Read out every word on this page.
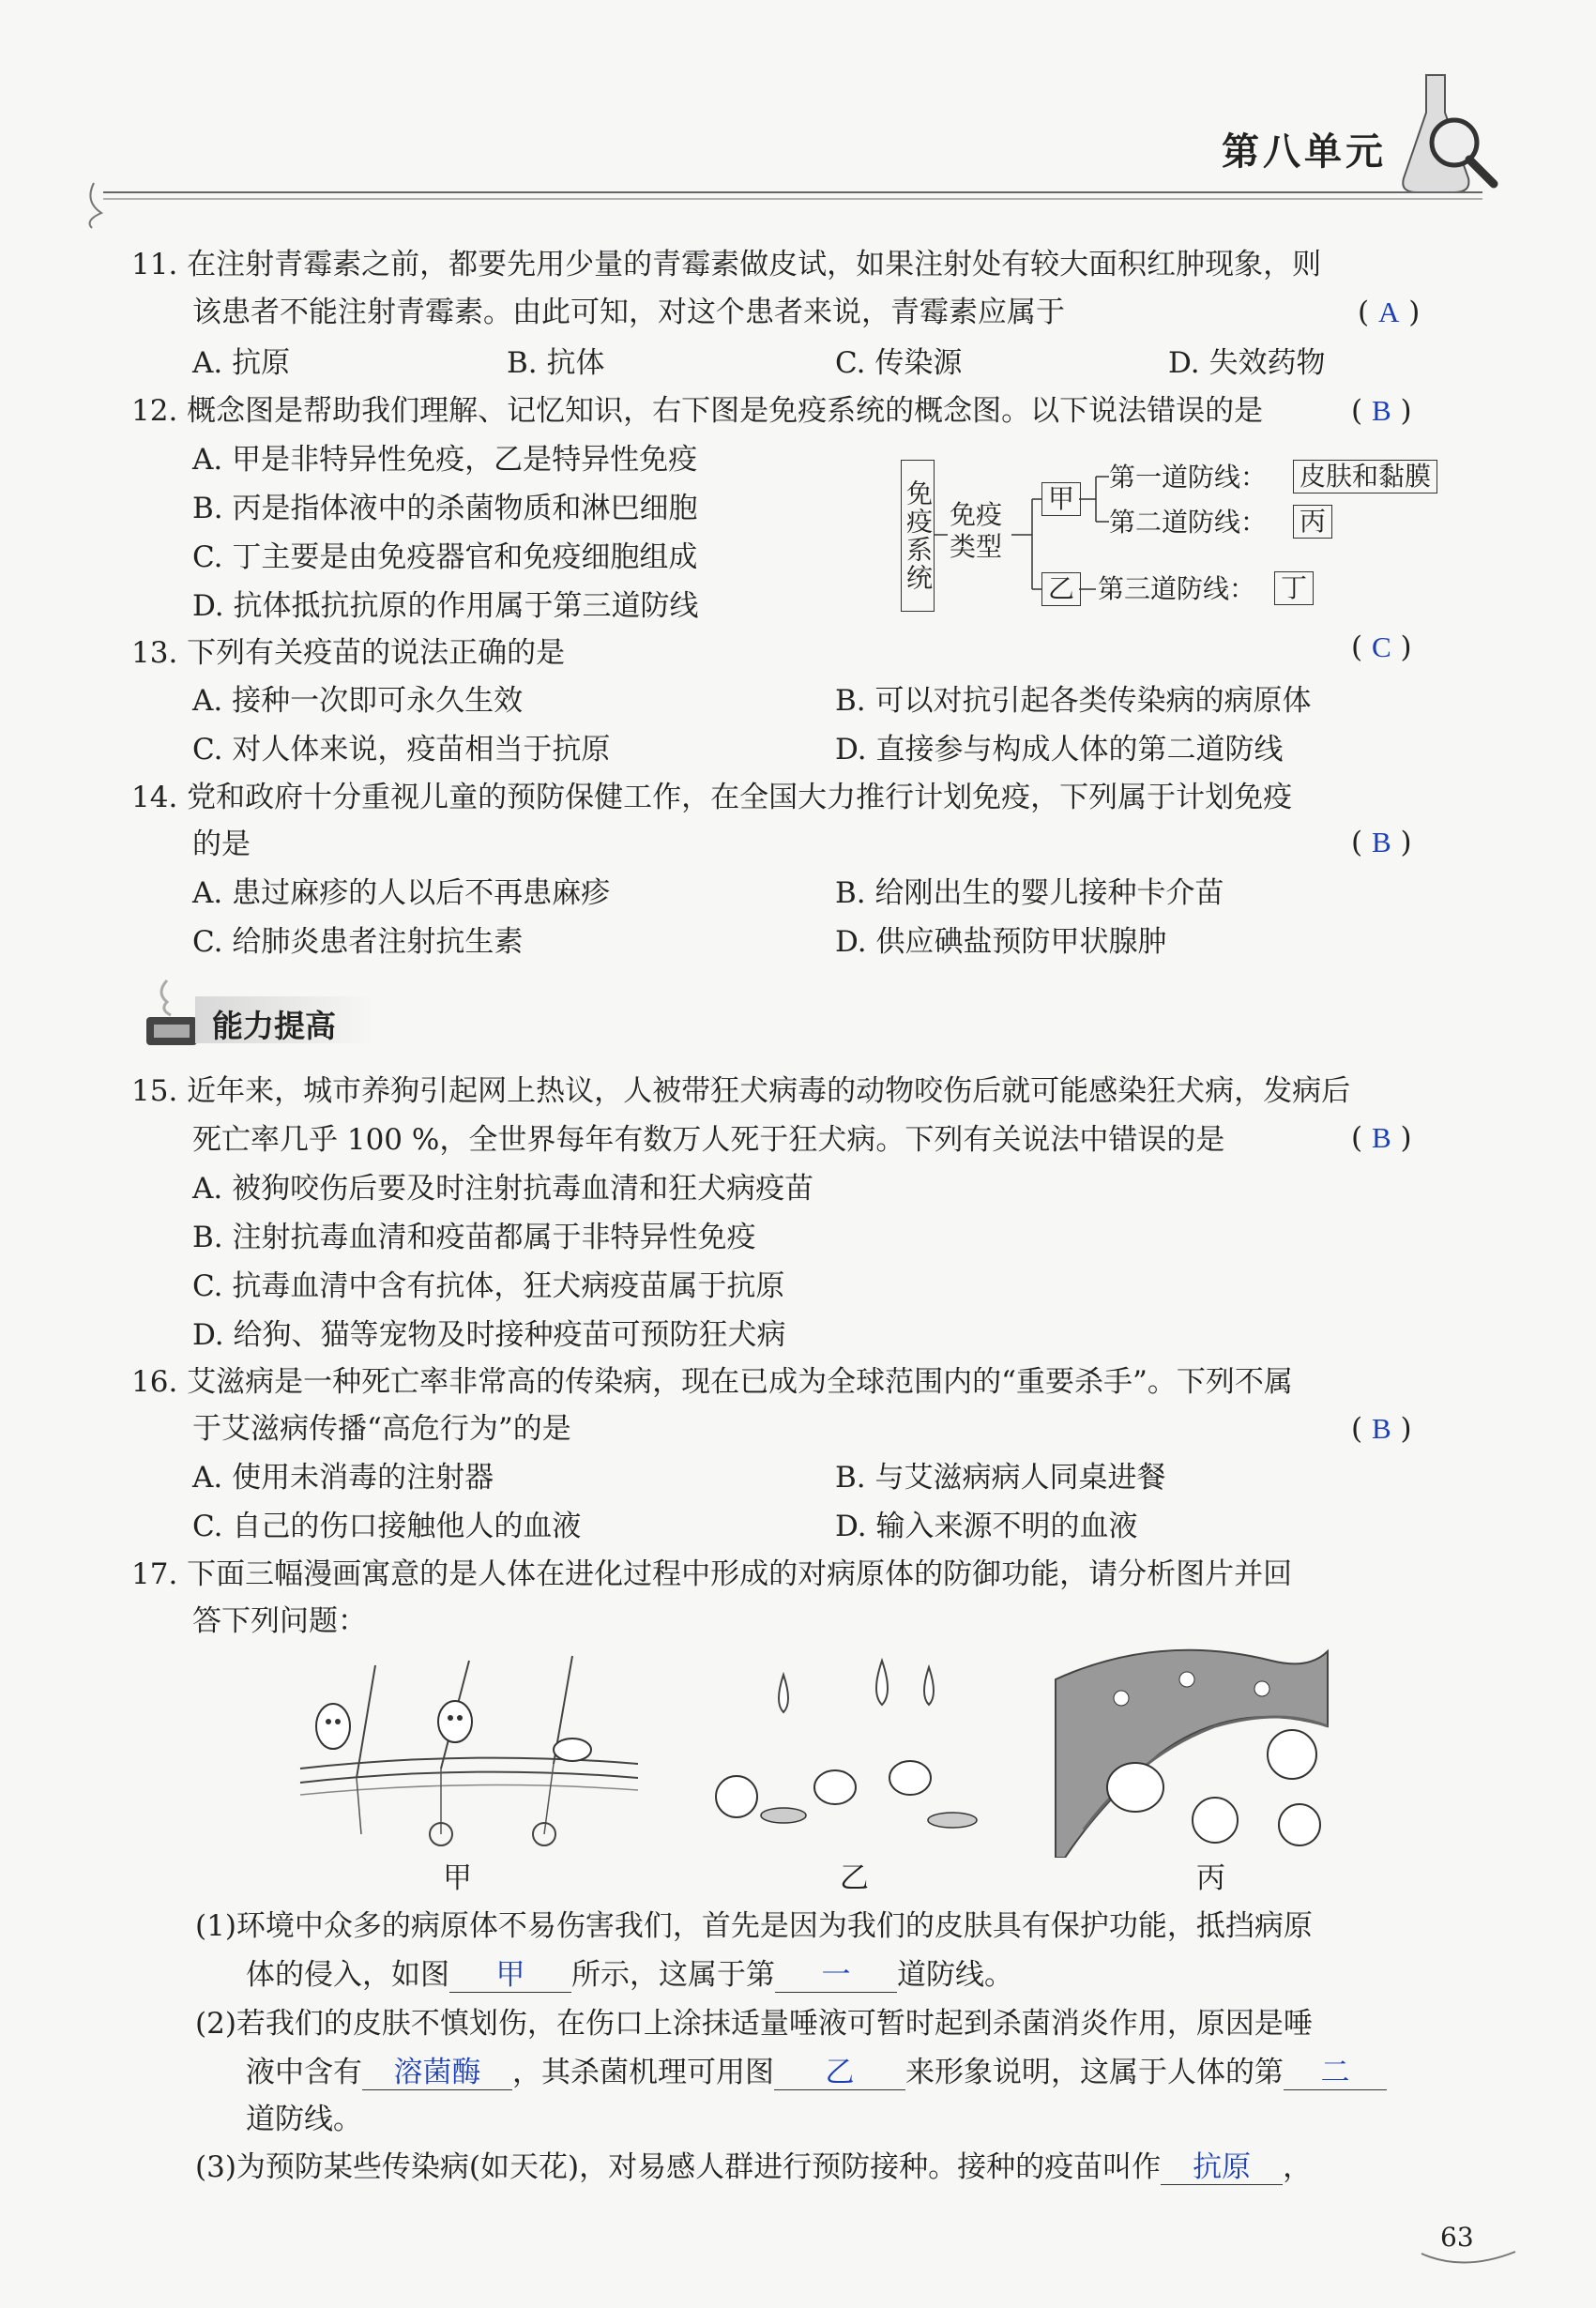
第八单元
11. 在注射青霉素之前，都要先用少量的青霉素做皮试，如果注射处有较大面积红肿现象，则
该患者不能注射青霉素。由此可知，对这个患者来说，青霉素应属于	( A )
A. 抗原	B. 抗体	C. 传染源	D. 失效药物
12. 概念图是帮助我们理解、记忆知识，右下图是免疫系统的概念图。以下说法错误的是	( B )
A. 甲是非特异性免疫，乙是特异性免疫
B. 丙是指体液中的杀菌物质和淋巴细胞
C. 丁主要是由免疫器官和免疫细胞组成
D. 抗体抵抗抗原的作用属于第三道防线
免疫系统 免疫类型
甲
乙
第一道防线： 皮肤和黏膜
第二道防线： 丙
第三道防线： 丁
13. 下列有关疫苗的说法正确的是	( C )
A. 接种一次即可永久生效	B. 可以对抗引起各类传染病的病原体
C. 对人体来说，疫苗相当于抗原	D. 直接参与构成人体的第二道防线
14. 党和政府十分重视儿童的预防保健工作，在全国大力推行计划免疫，下列属于计划免疫
的是	( B )
A. 患过麻疹的人以后不再患麻疹	B. 给刚出生的婴儿接种卡介苗
C. 给肺炎患者注射抗生素	D. 供应碘盐预防甲状腺肿
能力提高
15. 近年来，城市养狗引起网上热议，人被带狂犬病毒的动物咬伤后就可能感染狂犬病，发病后
死亡率几乎 100 %，全世界每年有数万人死于狂犬病。下列有关说法中错误的是	( B )
A. 被狗咬伤后要及时注射抗毒血清和狂犬病疫苗
B. 注射抗毒血清和疫苗都属于非特异性免疫
C. 抗毒血清中含有抗体，狂犬病疫苗属于抗原
D. 给狗、猫等宠物及时接种疫苗可预防狂犬病
16. 艾滋病是一种死亡率非常高的传染病，现在已成为全球范围内的“重要杀手”。下列不属
于艾滋病传播“高危行为”的是	( B )
A. 使用未消毒的注射器	B. 与艾滋病病人同桌进餐
C. 自己的伤口接触他人的血液	D. 输入来源不明的血液
17. 下面三幅漫画寓意的是人体在进化过程中形成的对病原体的防御功能，请分析图片并回
答下列问题：
甲	乙	丙
(1)环境中众多的病原体不易伤害我们，首先是因为我们的皮肤具有保护功能，抵挡病原
体的侵入，如图 甲 所示，这属于第 一 道防线。
(2)若我们的皮肤不慎划伤，在伤口上涂抹适量唾液可暂时起到杀菌消炎作用，原因是唾
液中含有 溶菌酶 ，其杀菌机理可用图 乙 来形象说明，这属于人体的第 二
道防线。
(3)为预防某些传染病(如天花)，对易感人群进行预防接种。接种的疫苗叫作 抗原 ，
63
